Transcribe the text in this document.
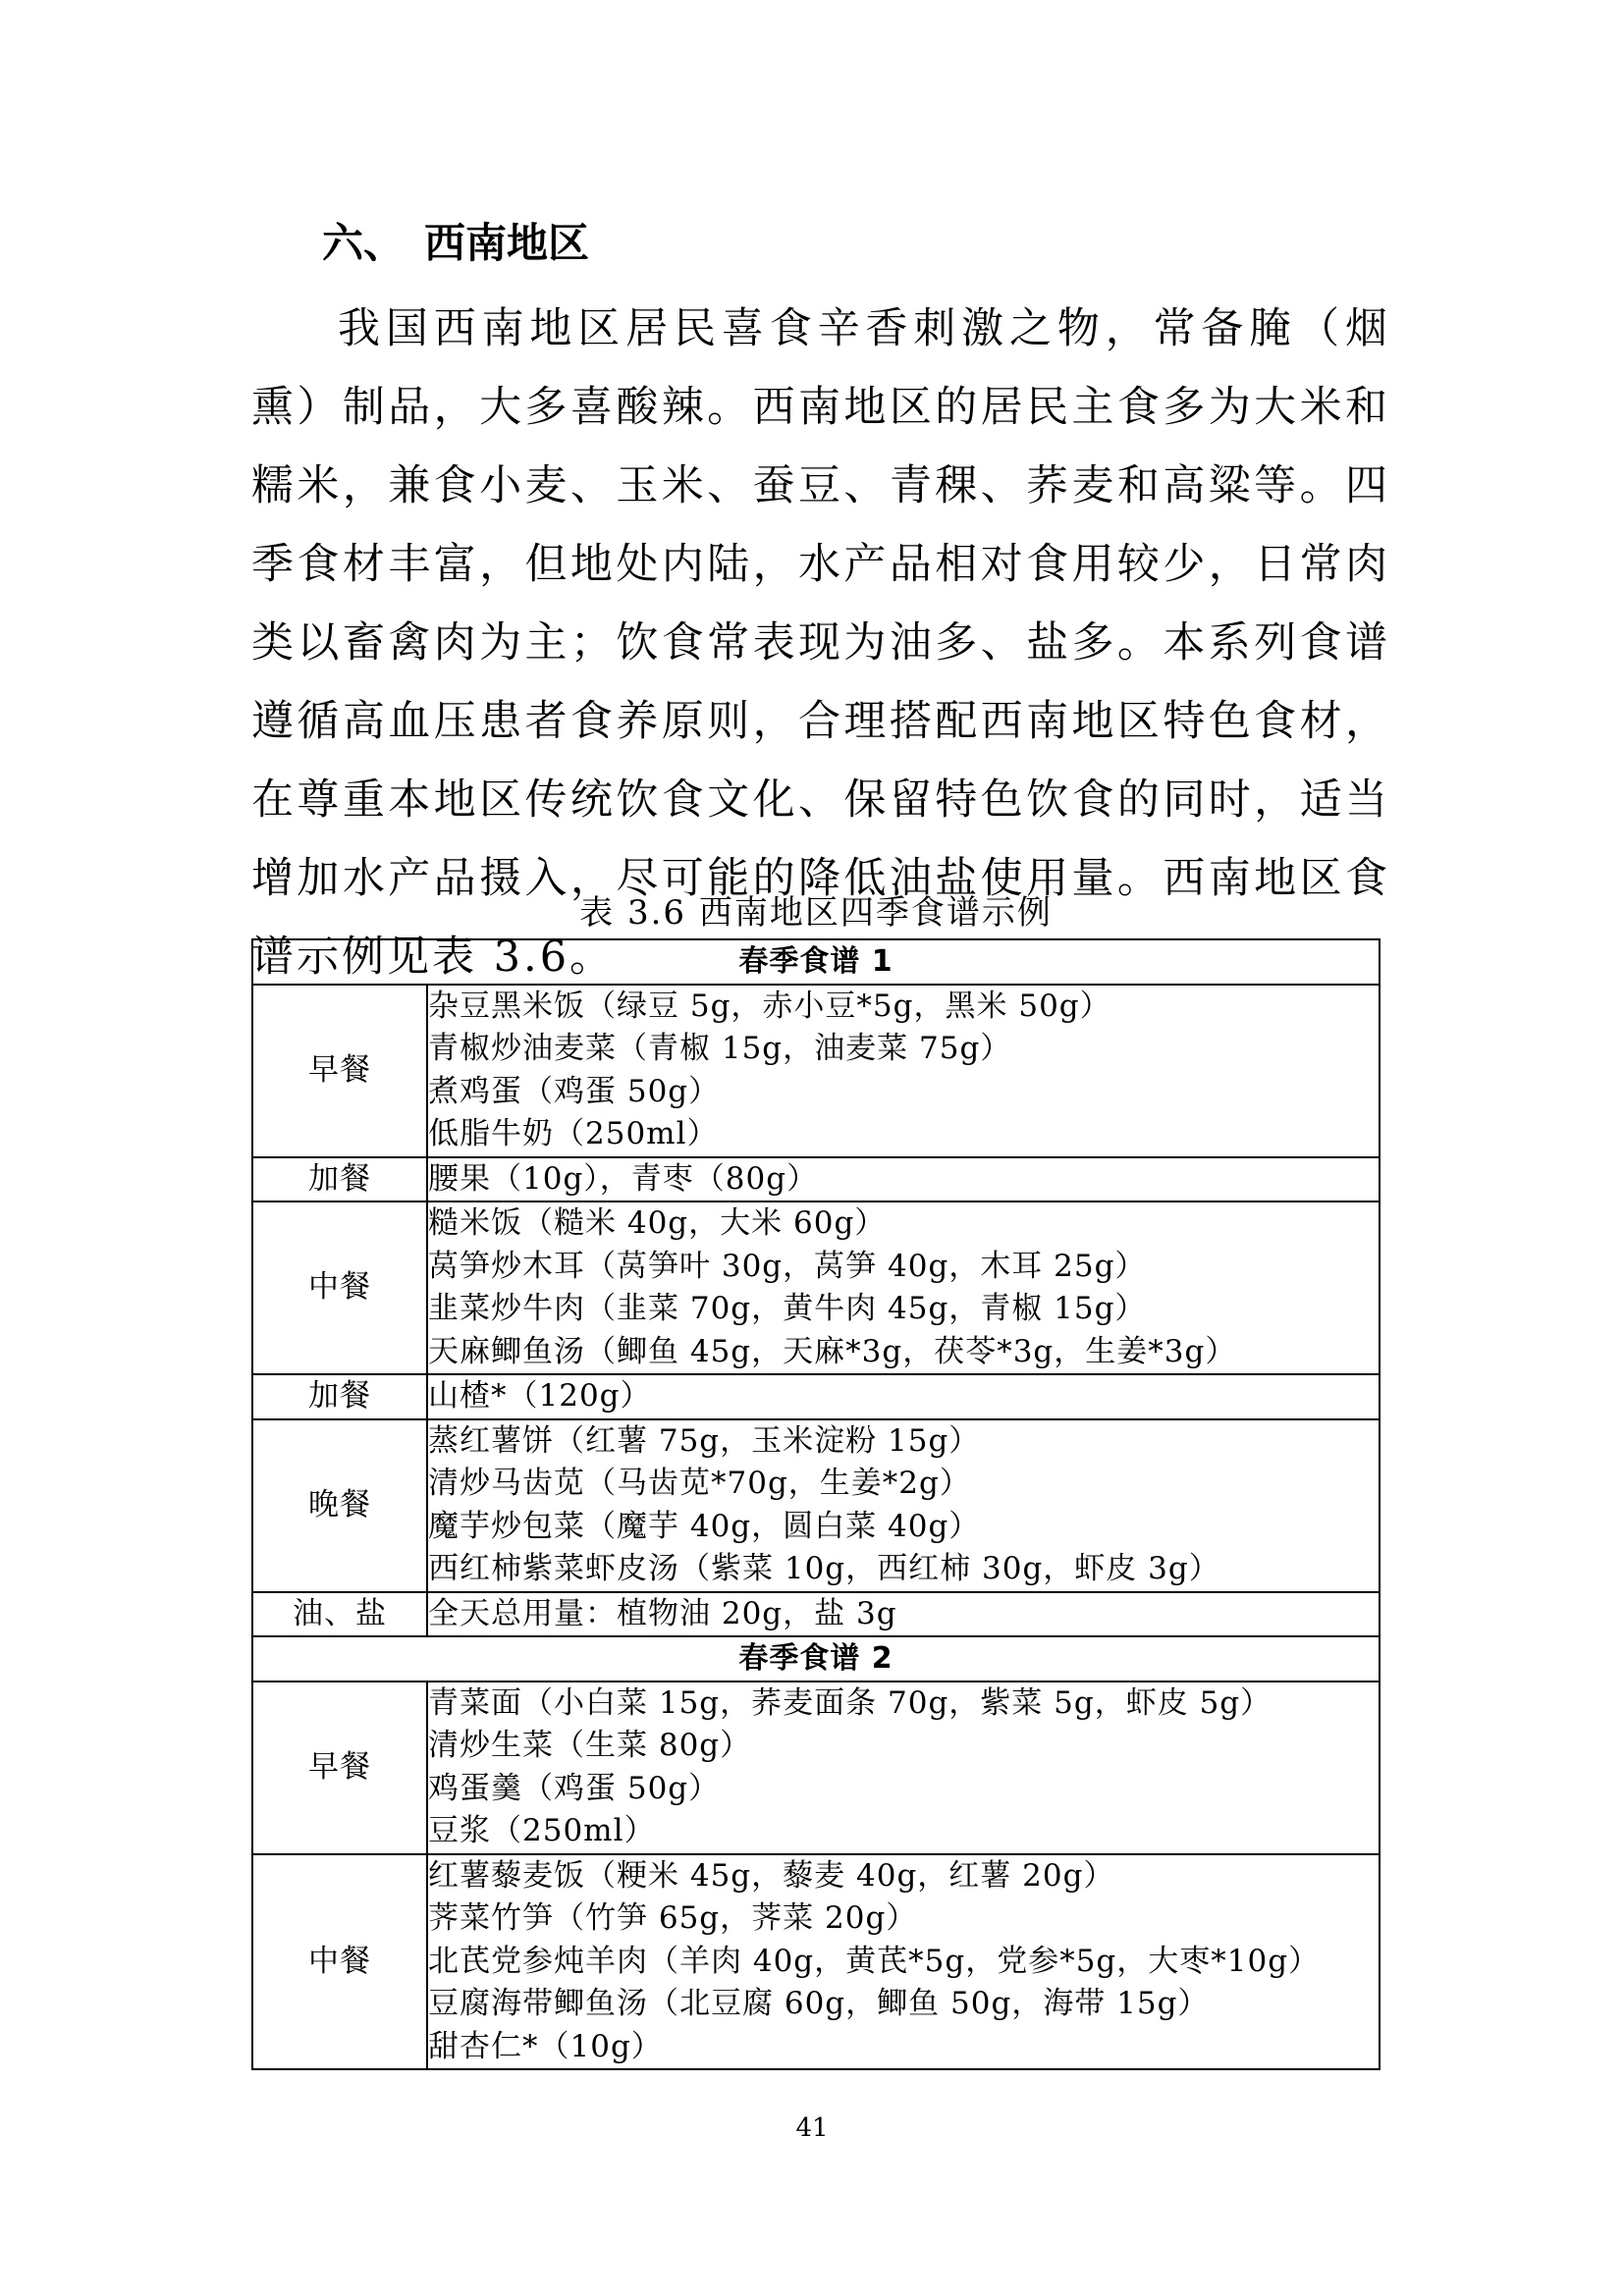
六、 西南地区

我国西南地区居民喜食辛香刺激之物，常备腌（烟熏）制品，大多喜酸辣。西南地区的居民主食多为大米和糯米，兼食小麦、玉米、蚕豆、青稞、荞麦和高粱等。四季食材丰富，但地处内陆，水产品相对食用较少，日常肉类以畜禽肉为主；饮食常表现为油多、盐多。本系列食谱遵循高血压患者食养原则，合理搭配西南地区特色食材，在尊重本地区传统饮食文化、保留特色饮食的同时，适当增加水产品摄入，尽可能的降低油盐使用量。西南地区食谱示例见表 3.6。

表 3.6 西南地区四季食谱示例
春季食谱 1	
早餐	杂豆黑米饭（绿豆 5g，赤小豆*5g，黑米 50g）
青椒炒油麦菜（青椒 15g，油麦菜 75g）
煮鸡蛋（鸡蛋 50g）
低脂牛奶（250ml）

加餐	腰果（10g），青枣（80g）

中餐	糙米饭（糙米 40g，大米 60g）
莴笋炒木耳（莴笋叶 30g，莴笋 40g，木耳 25g）
韭菜炒牛肉（韭菜 70g，黄牛肉 45g，青椒 15g）
天麻鲫鱼汤（鲫鱼 45g，天麻*3g，茯苓*3g，生姜*3g）

加餐	山楂*（120g）

晚餐	蒸红薯饼（红薯 75g，玉米淀粉 15g）
清炒马齿苋（马齿苋*70g，生姜*2g）
魔芋炒包菜（魔芋 40g，圆白菜 40g）
西红柿紫菜虾皮汤（紫菜 10g，西红柿 30g，虾皮 3g）

油、盐	全天总用量：植物油 20g，盐 3g

春季食谱 2	
早餐	青菜面（小白菜 15g，荞麦面条 70g，紫菜 5g，虾皮 5g）
清炒生菜（生菜 80g）
鸡蛋羹（鸡蛋 50g）
豆浆（250ml）

中餐	红薯藜麦饭（粳米 45g，藜麦 40g，红薯 20g）
荠菜竹笋（竹笋 65g，荠菜 20g）
北芪党参炖羊肉（羊肉 40g，黄芪*5g，党参*5g，大枣*10g）
豆腐海带鲫鱼汤（北豆腐 60g，鲫鱼 50g，海带 15g）
甜杏仁*（10g）
41
